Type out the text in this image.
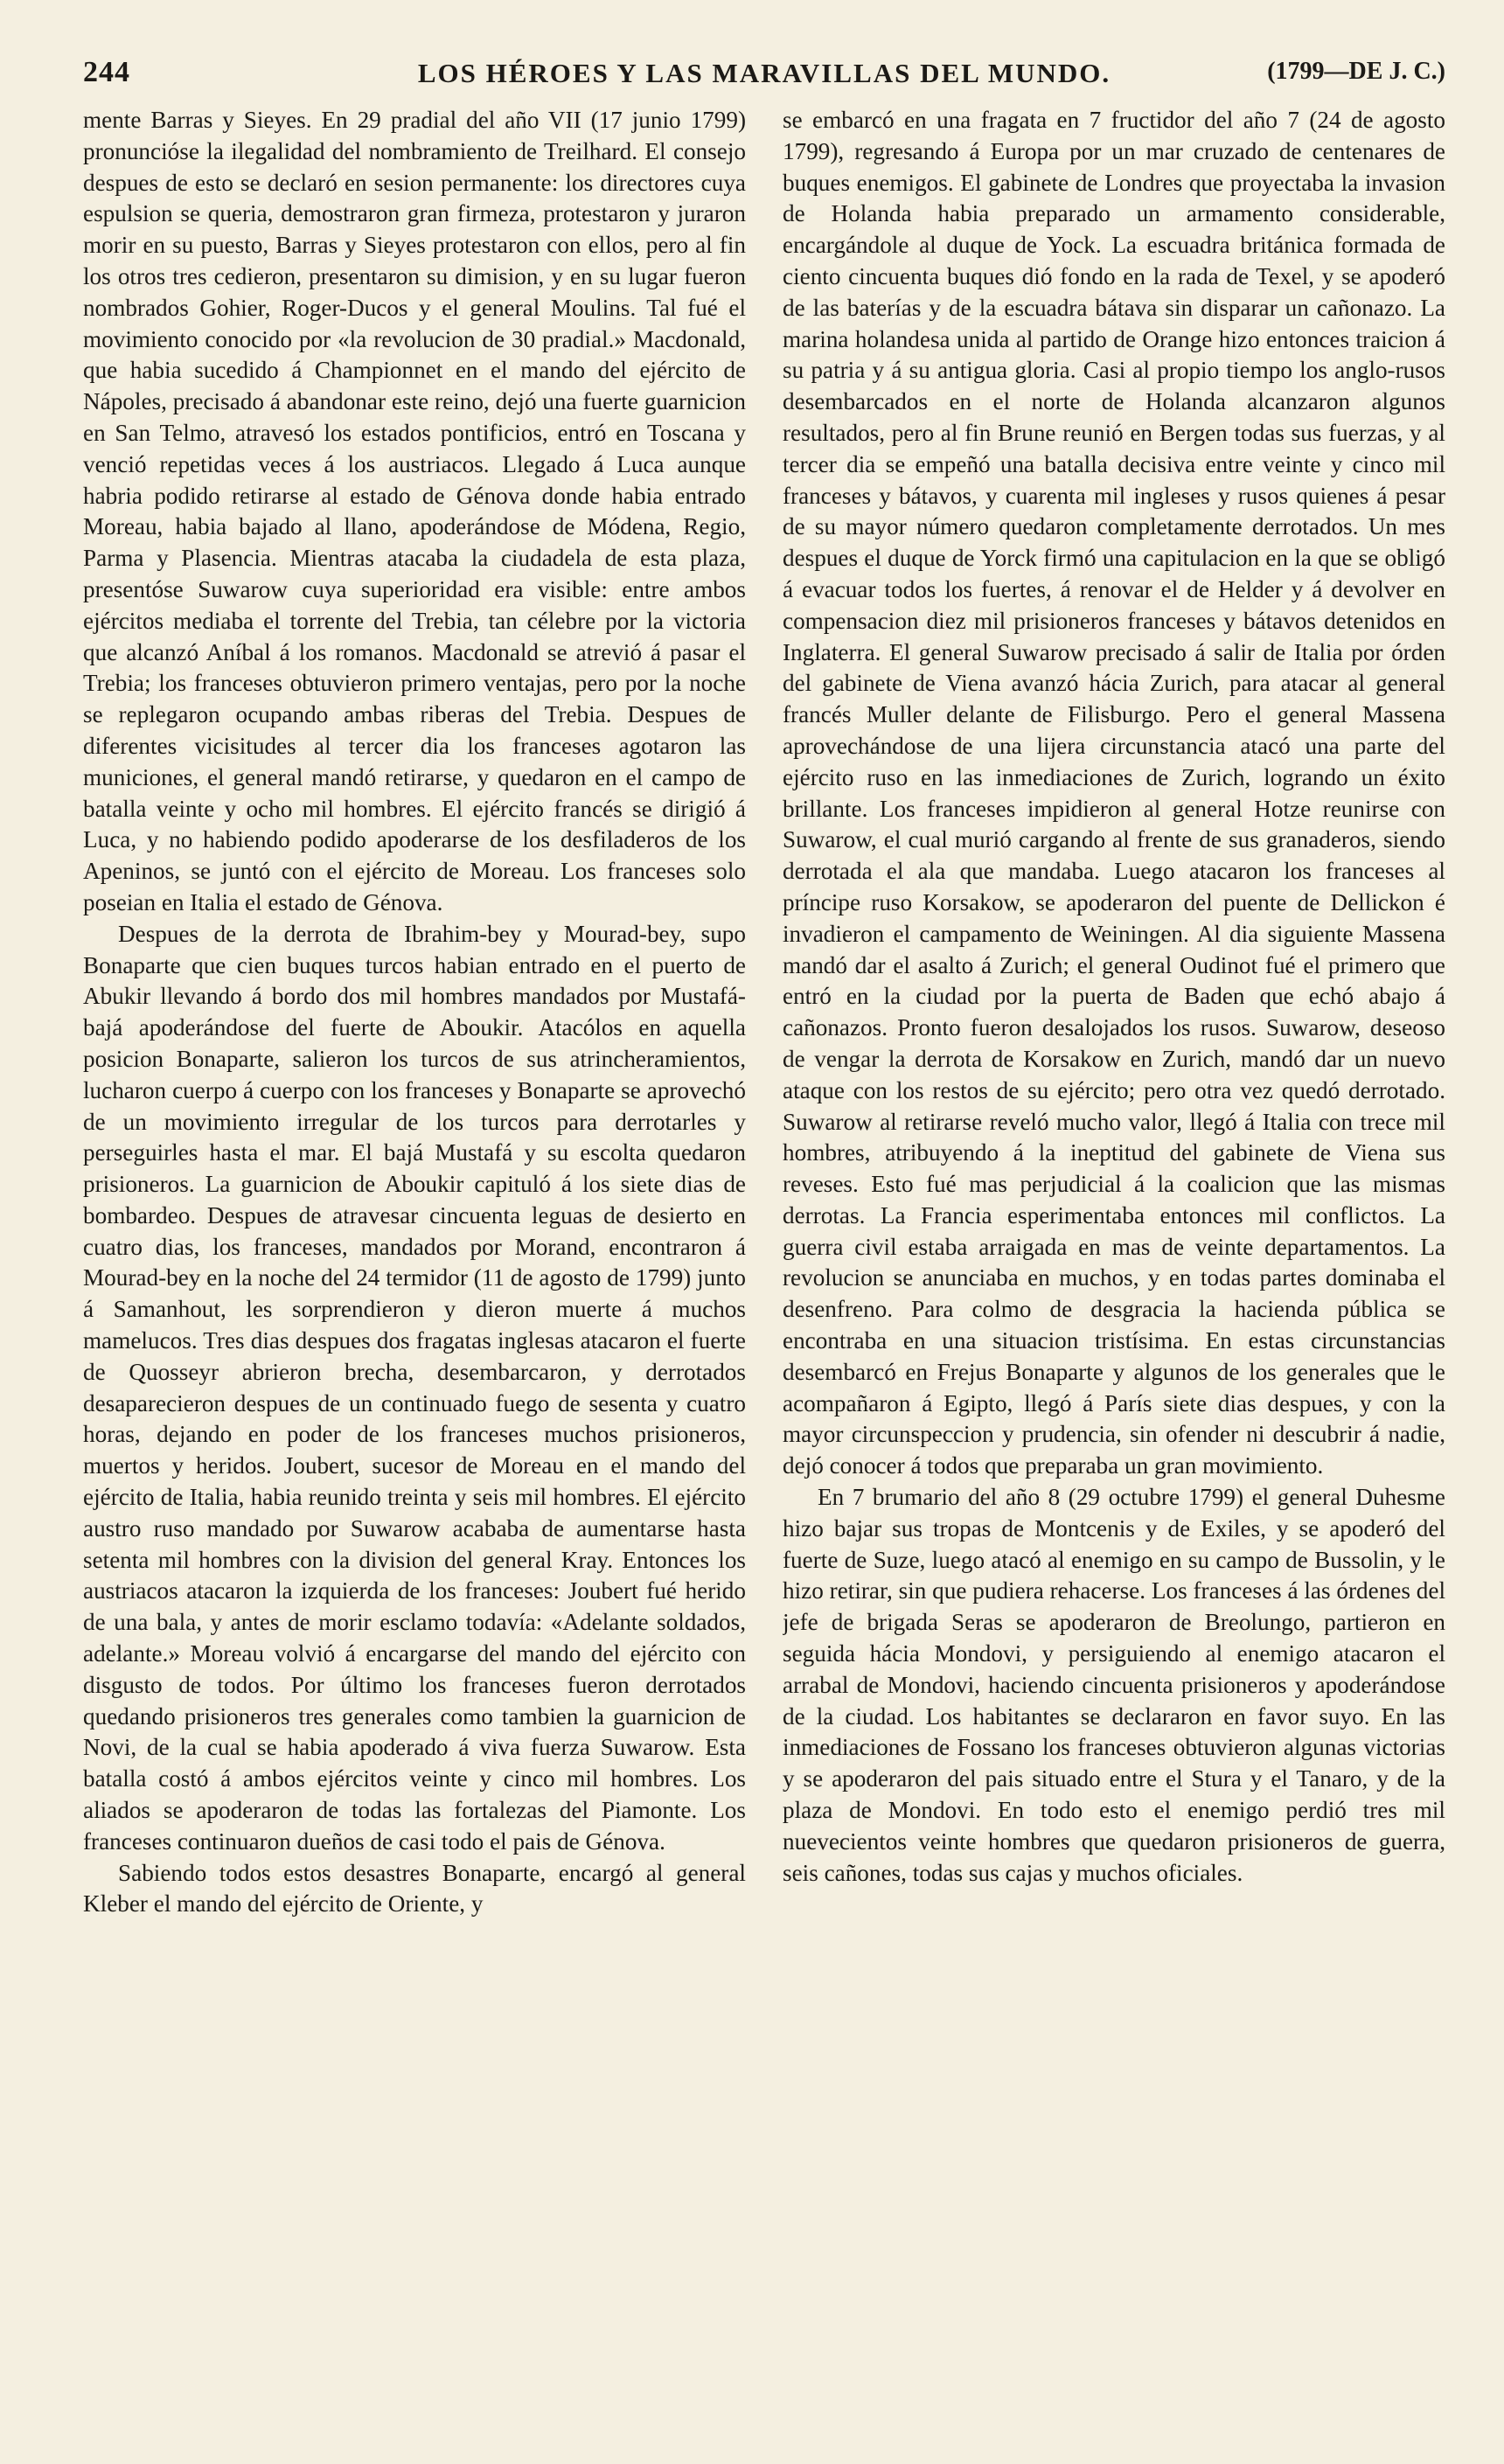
244	LOS HÉROES Y LAS MARAVILLAS DEL MUNDO.	(1799—DE J. C.)

mente Barras y Sieyes. En 29 pradial del año VII (17 junio 1799) pronuncióse la ilegalidad del nombramiento de Treilhard. El consejo despues de esto se declaró en sesion permanente: los directores cuya espulsion se queria, demostraron gran firmeza, protestaron y juraron morir en su puesto, Barras y Sieyes protestaron con ellos, pero al fin los otros tres cedieron, presentaron su dimision, y en su lugar fueron nombrados Gohier, Roger-Ducos y el general Moulins. Tal fué el movimiento conocido por «la revolucion de 30 pradial.» Macdonald, que habia sucedido á Championnet en el mando del ejército de Nápoles, precisado á abandonar este reino, dejó una fuerte guarnicion en San Telmo, atravesó los estados pontificios, entró en Toscana y venció repetidas veces á los austriacos. Llegado á Luca aunque habria podido retirarse al estado de Génova donde habia entrado Moreau, habia bajado al llano, apoderándose de Módena, Regio, Parma y Plasencia. Mientras atacaba la ciudadela de esta plaza, presentóse Suwarow cuya superioridad era visible: entre ambos ejércitos mediaba el torrente del Trebia, tan célebre por la victoria que alcanzó Aníbal á los romanos. Macdonald se atrevió á pasar el Trebia; los franceses obtuvieron primero ventajas, pero por la noche se replegaron ocupando ambas riberas del Trebia. Despues de diferentes vicisitudes al tercer dia los franceses agotaron las municiones, el general mandó retirarse, y quedaron en el campo de batalla veinte y ocho mil hombres. El ejército francés se dirigió á Luca, y no habiendo podido apoderarse de los desfiladeros de los Apeninos, se juntó con el ejército de Moreau. Los franceses solo poseian en Italia el estado de Génova.

Despues de la derrota de Ibrahim-bey y Mourad-bey, supo Bonaparte que cien buques turcos habian entrado en el puerto de Abukir llevando á bordo dos mil hombres mandados por Mustafá-bajá apoderándose del fuerte de Aboukir. Atacólos en aquella posicion Bonaparte, salieron los turcos de sus atrincheramientos, lucharon cuerpo á cuerpo con los franceses y Bonaparte se aprovechó de un movimiento irregular de los turcos para derrotarles y perseguirles hasta el mar. El bajá Mustafá y su escolta quedaron prisioneros. La guarnicion de Aboukir capituló á los siete dias de bombardeo. Despues de atravesar cincuenta leguas de desierto en cuatro dias, los franceses, mandados por Morand, encontraron á Mourad-bey en la noche del 24 termidor (11 de agosto de 1799) junto á Samanhout, les sorprendieron y dieron muerte á muchos mamelucos. Tres dias despues dos fragatas inglesas atacaron el fuerte de Quosseyr abrieron brecha, desembarcaron, y derrotados desaparecieron despues de un continuado fuego de sesenta y cuatro horas, dejando en poder de los franceses muchos prisioneros, muertos y heridos. Joubert, sucesor de Moreau en el mando del ejército de Italia, habia reunido treinta y seis mil hombres. El ejército austro ruso mandado por Suwarow acababa de aumentarse hasta setenta mil hombres con la division del general Kray. Entonces los austriacos atacaron la izquierda de los franceses: Joubert fué herido de una bala, y antes de morir esclamo todavía: «Adelante soldados, adelante.» Moreau volvió á encargarse del mando del ejército con disgusto de todos. Por último los franceses fueron derrotados quedando prisioneros tres generales como tambien la guarnicion de Novi, de la cual se habia apoderado á viva fuerza Suwarow. Esta batalla costó á ambos ejércitos veinte y cinco mil hombres. Los aliados se apoderaron de todas las fortalezas del Piamonte. Los franceses continuaron dueños de casi todo el pais de Génova.

Sabiendo todos estos desastres Bonaparte, encargó al general Kleber el mando del ejército de Oriente, y

se embarcó en una fragata en 7 fructidor del año 7 (24 de agosto 1799), regresando á Europa por un mar cruzado de centenares de buques enemigos. El gabinete de Londres que proyectaba la invasion de Holanda habia preparado un armamento considerable, encargándole al duque de Yock. La escuadra británica formada de ciento cincuenta buques dió fondo en la rada de Texel, y se apoderó de las baterías y de la escuadra bátava sin disparar un cañonazo. La marina holandesa unida al partido de Orange hizo entonces traicion á su patria y á su antigua gloria. Casi al propio tiempo los anglo-rusos desembarcados en el norte de Holanda alcanzaron algunos resultados, pero al fin Brune reunió en Bergen todas sus fuerzas, y al tercer dia se empeñó una batalla decisiva entre veinte y cinco mil franceses y bátavos, y cuarenta mil ingleses y rusos quienes á pesar de su mayor número quedaron completamente derrotados. Un mes despues el duque de Yorck firmó una capitulacion en la que se obligó á evacuar todos los fuertes, á renovar el de Helder y á devolver en compensacion diez mil prisioneros franceses y bátavos detenidos en Inglaterra. El general Suwarow precisado á salir de Italia por órden del gabinete de Viena avanzó hácia Zurich, para atacar al general francés Muller delante de Filisburgo. Pero el general Massena aprovechándose de una lijera circunstancia atacó una parte del ejército ruso en las inmediaciones de Zurich, logrando un éxito brillante. Los franceses impidieron al general Hotze reunirse con Suwarow, el cual murió cargando al frente de sus granaderos, siendo derrotada el ala que mandaba. Luego atacaron los franceses al príncipe ruso Korsakow, se apoderaron del puente de Dellickon é invadieron el campamento de Weiningen. Al dia siguiente Massena mandó dar el asalto á Zurich; el general Oudinot fué el primero que entró en la ciudad por la puerta de Baden que echó abajo á cañonazos. Pronto fueron desalojados los rusos. Suwarow, deseoso de vengar la derrota de Korsakow en Zurich, mandó dar un nuevo ataque con los restos de su ejército; pero otra vez quedó derrotado. Suwarow al retirarse reveló mucho valor, llegó á Italia con trece mil hombres, atribuyendo á la ineptitud del gabinete de Viena sus reveses. Esto fué mas perjudicial á la coalicion que las mismas derrotas. La Francia esperimentaba entonces mil conflictos. La guerra civil estaba arraigada en mas de veinte departamentos. La revolucion se anunciaba en muchos, y en todas partes dominaba el desenfreno. Para colmo de desgracia la hacienda pública se encontraba en una situacion tristísima. En estas circunstancias desembarcó en Frejus Bonaparte y algunos de los generales que le acompañaron á Egipto, llegó á París siete dias despues, y con la mayor circunspeccion y prudencia, sin ofender ni descubrir á nadie, dejó conocer á todos que preparaba un gran movimiento.

En 7 brumario del año 8 (29 octubre 1799) el general Duhesme hizo bajar sus tropas de Montcenis y de Exiles, y se apoderó del fuerte de Suze, luego atacó al enemigo en su campo de Bussolin, y le hizo retirar, sin que pudiera rehacerse. Los franceses á las órdenes del jefe de brigada Seras se apoderaron de Breolungo, partieron en seguida hácia Mondovi, y persiguiendo al enemigo atacaron el arrabal de Mondovi, haciendo cincuenta prisioneros y apoderándose de la ciudad. Los habitantes se declararon en favor suyo. En las inmediaciones de Fossano los franceses obtuvieron algunas victorias y se apoderaron del pais situado entre el Stura y el Tanaro, y de la plaza de Mondovi. En todo esto el enemigo perdió tres mil nuevecientos veinte hombres que quedaron prisioneros de guerra, seis cañones, todas sus cajas y muchos oficiales.
